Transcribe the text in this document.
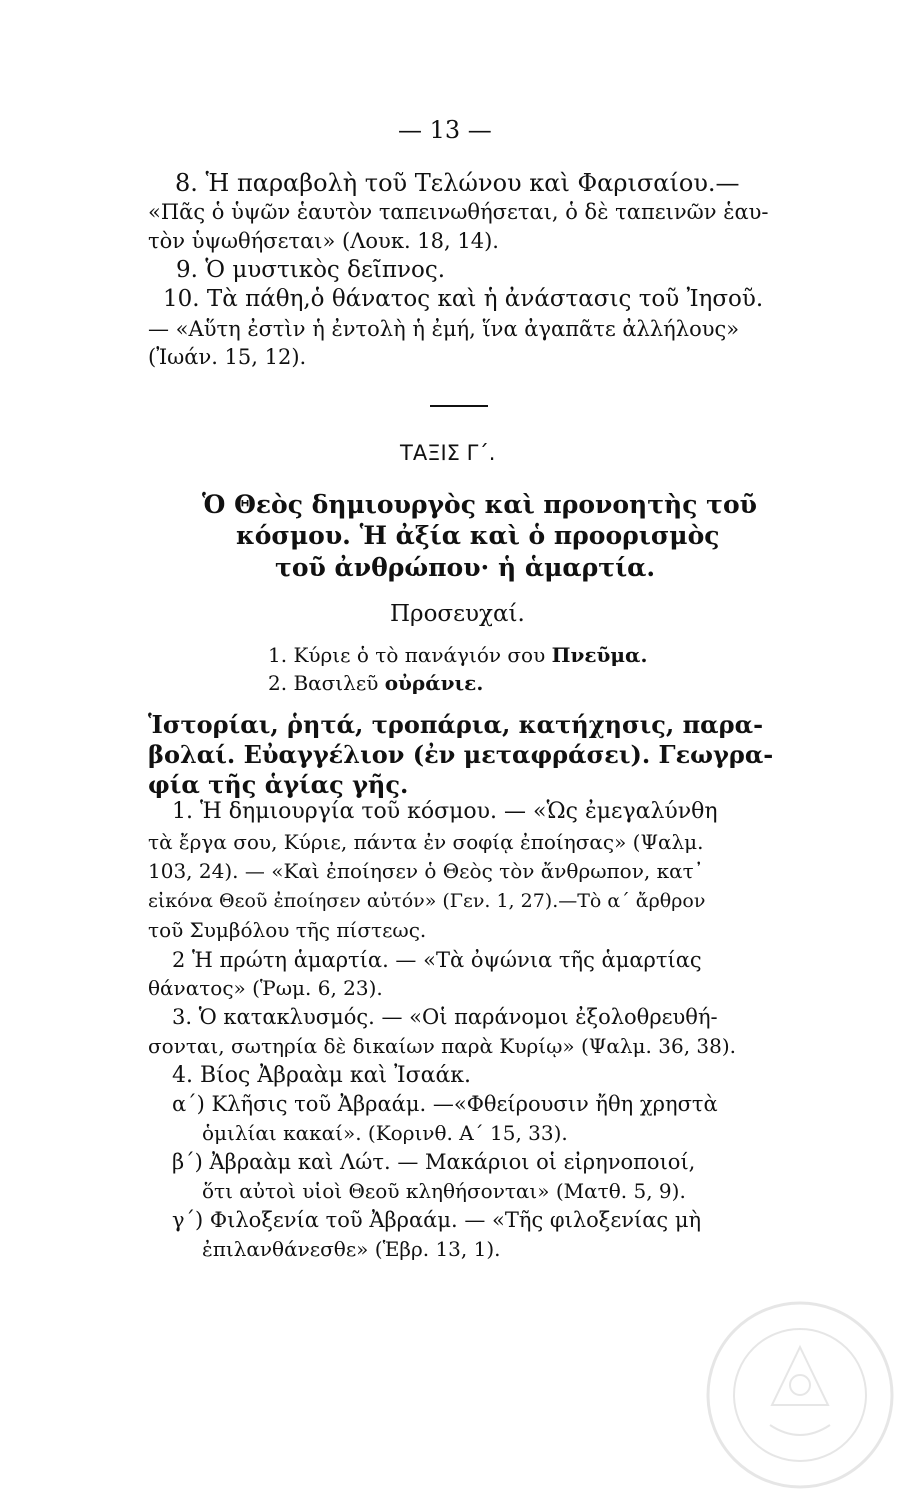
— 13 —
8. Ἡ παραβολὴ τοῦ Τελώνου καὶ Φαρισαίου.—
«Πᾶς ὁ ὑψῶν ἑαυτὸν ταπεινωθήσεται, ὁ δὲ ταπεινῶν ἑαυ-
τὸν ὑψωθήσεται» (Λουκ. 18, 14).
9. Ὁ μυστικὸς δεῖπνος.
10. Τὰ πάθη,ὁ θάνατος καὶ ἡ ἀνάστασις τοῦ Ἰησοῦ.
— «Αὕτη ἐστὶν ἡ ἐντολὴ ἡ ἐμή, ἵνα ἀγαπᾶτε ἀλλήλους»
(Ἰωάν. 15, 12).
ΤΑΞΙΣ Γ΄.
Ὁ Θεὸς δημιουργὸς καὶ προνοητὴς τοῦ
κόσμου. Ἡ ἀξία καὶ ὁ προορισμὸς
τοῦ ἀνθρώπου· ἡ ἁμαρτία.
Προσευχαί.
1. Κύριε ὁ τὸ πανάγιόν σου Πνεῦμα.
2. Βασιλεῦ οὐράνιε.
Ἱστορίαι, ῥητά, τροπάρια, κατήχησις, παρα-
βολαί. Εὐαγγέλιον (ἐν μεταφράσει). Γεωγρα-
φία τῆς ἁγίας γῆς.
1. Ἡ δημιουργία τοῦ κόσμου. — «Ὡς ἐμεγαλύνθη
τὰ ἔργα σου, Κύριε, πάντα ἐν σοφίᾳ ἐποίησας» (Ψαλμ.
103, 24). — «Καὶ ἐποίησεν ὁ Θεὸς τὸν ἄνθρωπον, κατ᾽
εἰκόνα Θεοῦ ἐποίησεν αὐτόν» (Γεν. 1, 27).—Τὸ α΄ ἄρθρον
τοῦ Συμβόλου τῆς πίστεως.
2 Ἡ πρώτη ἁμαρτία. — «Τὰ ὀψώνια τῆς ἁμαρτίας
θάνατος» (Ῥωμ. 6, 23).
3. Ὁ κατακλυσμός. — «Οἱ παράνομοι ἐξολοθρευθή-
σονται, σωτηρία δὲ δικαίων παρὰ Κυρίῳ» (Ψαλμ. 36, 38).
4. Βίος Ἀβραὰμ καὶ Ἰσαάκ.
α΄) Κλῆσις τοῦ Ἀβραάμ. —«Φθείρουσιν ἤθη χρηστὰ
ὁμιλίαι κακαί». (Κορινθ. Α΄ 15, 33).
β΄) Ἀβραὰμ καὶ Λώτ. — Μακάριοι οἱ εἰρηνοποιοί,
ὅτι αὐτοὶ υἱοὶ Θεοῦ κληθήσονται» (Ματθ. 5, 9).
γ΄) Φιλοξενία τοῦ Ἀβραάμ. — «Τῆς φιλοξενίας μὴ
ἐπιλανθάνεσθε» (Ἑβρ. 13, 1).
